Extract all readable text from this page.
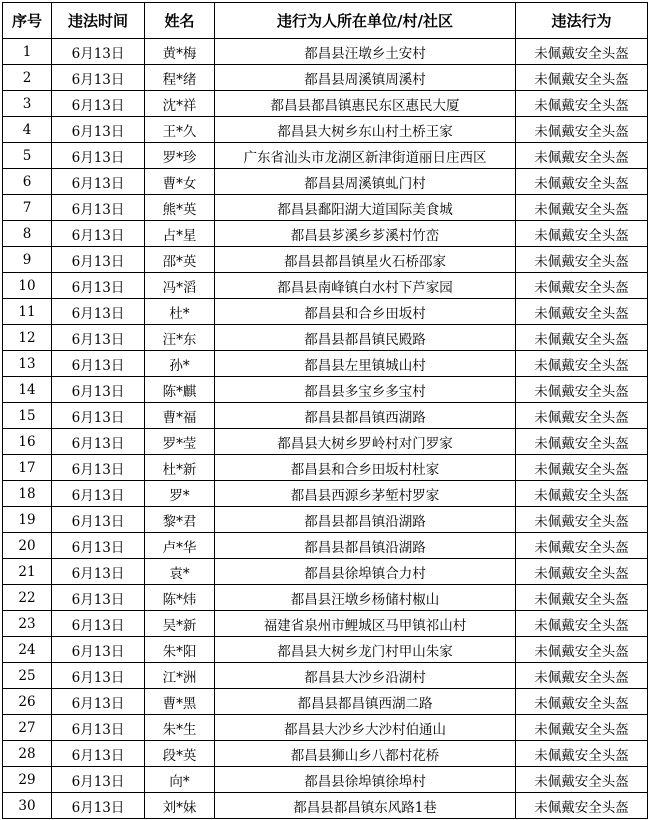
序号	违法时间	姓名	违行为人所在单位/村/社区	违法行为
1	6月13日	黄*梅	都昌县汪墩乡土安村	未佩戴安全头盔
2	6月13日	程*绪	都昌县周溪镇周溪村	未佩戴安全头盔
3	6月13日	沈*祥	都昌县都昌镇惠民东区惠民大厦	未佩戴安全头盔
4	6月13日	王*久	都昌县大树乡东山村土桥王家	未佩戴安全头盔
5	6月13日	罗*珍	广东省汕头市龙湖区新津街道丽日庄西区	未佩戴安全头盔
6	6月13日	曹*女	都昌县周溪镇虬门村	未佩戴安全头盔
7	6月13日	熊*英	都昌县鄱阳湖大道国际美食城	未佩戴安全头盔
8	6月13日	占*星	都昌县芗溪乡芗溪村竹峦	未佩戴安全头盔
9	6月13日	邵*英	都昌县都昌镇星火石桥邵家	未佩戴安全头盔
10	6月13日	冯*滔	都昌县南峰镇白水村下芦家园	未佩戴安全头盔
11	6月13日	杜*	都昌县和合乡田坂村	未佩戴安全头盔
12	6月13日	汪*东	都昌县都昌镇民殿路	未佩戴安全头盔
13	6月13日	孙*	都昌县左里镇城山村	未佩戴安全头盔
14	6月13日	陈*麒	都昌县多宝乡多宝村	未佩戴安全头盔
15	6月13日	曹*福	都昌县都昌镇西湖路	未佩戴安全头盔
16	6月13日	罗*莹	都昌县大树乡罗岭村对门罗家	未佩戴安全头盔
17	6月13日	杜*新	都昌县和合乡田坂村杜家	未佩戴安全头盔
18	6月13日	罗*	都昌县西源乡茅堑村罗家	未佩戴安全头盔
19	6月13日	黎*君	都昌县都昌镇沿湖路	未佩戴安全头盔
20	6月13日	卢*华	都昌县都昌镇沿湖路	未佩戴安全头盔
21	6月13日	袁*	都昌县徐埠镇合力村	未佩戴安全头盔
22	6月13日	陈*炜	都昌县汪墩乡杨储村椒山	未佩戴安全头盔
23	6月13日	吴*新	福建省泉州市鲤城区马甲镇祁山村	未佩戴安全头盔
24	6月13日	朱*阳	都昌县大树乡龙门村甲山朱家	未佩戴安全头盔
25	6月13日	江*洲	都昌县大沙乡沿湖村	未佩戴安全头盔
26	6月13日	曹*黑	都昌县都昌镇西湖二路	未佩戴安全头盔
27	6月13日	朱*生	都昌县大沙乡大沙村伯通山	未佩戴安全头盔
28	6月13日	段*英	都昌县狮山乡八都村花桥	未佩戴安全头盔
29	6月13日	向*	都昌县徐埠镇徐埠村	未佩戴安全头盔
30	6月13日	刘*妹	都昌县都昌镇东风路1巷	未佩戴安全头盔
